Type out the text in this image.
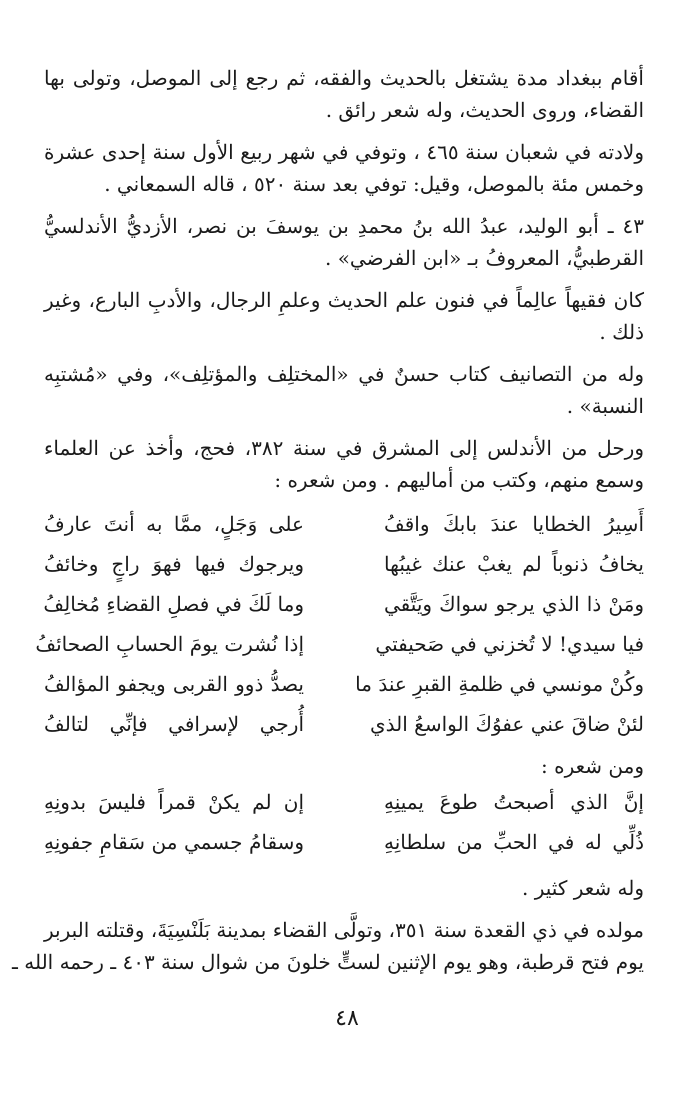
أقام ببغداد مدة يشتغل بالحديث والفقه، ثم رجع إلى الموصل، وتولى بها
القضاء، وروى الحديث، وله شعر رائق .
ولادته في شعبان سنة ٤٦٥ ، وتوفي في شهر ربيع الأول سنة إحدى عشرة
وخمس مئة بالموصل، وقيل: توفي بعد سنة ٥٢٠ ، قاله السمعاني .
٤٣ ـ أبو الوليد، عبدُ الله بنُ محمدِ بن يوسفَ بن نصر، الأزديُّ الأندلسيُّ
القرطبيُّ، المعروفُ بـ «ابن الفرضي» .
كان فقيهاً عالِماً في فنون علم الحديث وعلمِ الرجال، والأدبِ البارع، وغير
ذلك .
وله من التصانيف كتاب حسنٌ في «المختلِف والمؤتلِف»، وفي «مُشتبِه
النسبة» .
ورحل من الأندلس إلى المشرق في سنة ٣٨٢، فحج، وأخذ عن العلماء
وسمع منهم، وكتب من أماليهم . ومن شعره :
أَسِيرُ الخطايا عندَ بابكَ واقفُ
على وَجَلٍ، ممَّا به أنتَ عارفُ
يخافُ ذنوباً لم يغبْ عنك غيبُها
ويرجوك فيها فهوَ راجٍ وخائفُ
ومَنْ ذا الذي يرجو سواكَ ويَتَّقي
وما لَكَ في فصلِ القضاءِ مُخالِفُ
فيا سيدي! لا تُخزني في صَحيفتي
إذا نُشرت يومَ الحسابِ الصحائفُ
وكُنْ مونسي في ظلمةِ القبرِ عندَ ما
يصدُّ ذوو القربى ويجفو المؤالفُ
لئنْ ضاقَ عني عفوُكَ الواسعُ الذي
أُرجي لإسرافي فإنِّي لتالفُ
ومن شعره :
إنَّ الذي أصبحتُ طوعَ يمينِهِ
إن لم يكنْ قمراً فليسَ بدونِهِ
ذُلِّي له في الحبِّ من سلطانِهِ
وسقامُ جسمي من سَقامِ جفونِهِ
وله شعر كثير .
مولده في ذي القعدة سنة ٣٥١، وتولَّى القضاء بمدينة بَلَنْسِيَةَ، وقتلته البربر
يوم فتح قرطبة، وهو يوم الإثنين لستٍّ خلونَ من شوال سنة ٤٠٣ ـ رحمه الله ـ
٤٨
